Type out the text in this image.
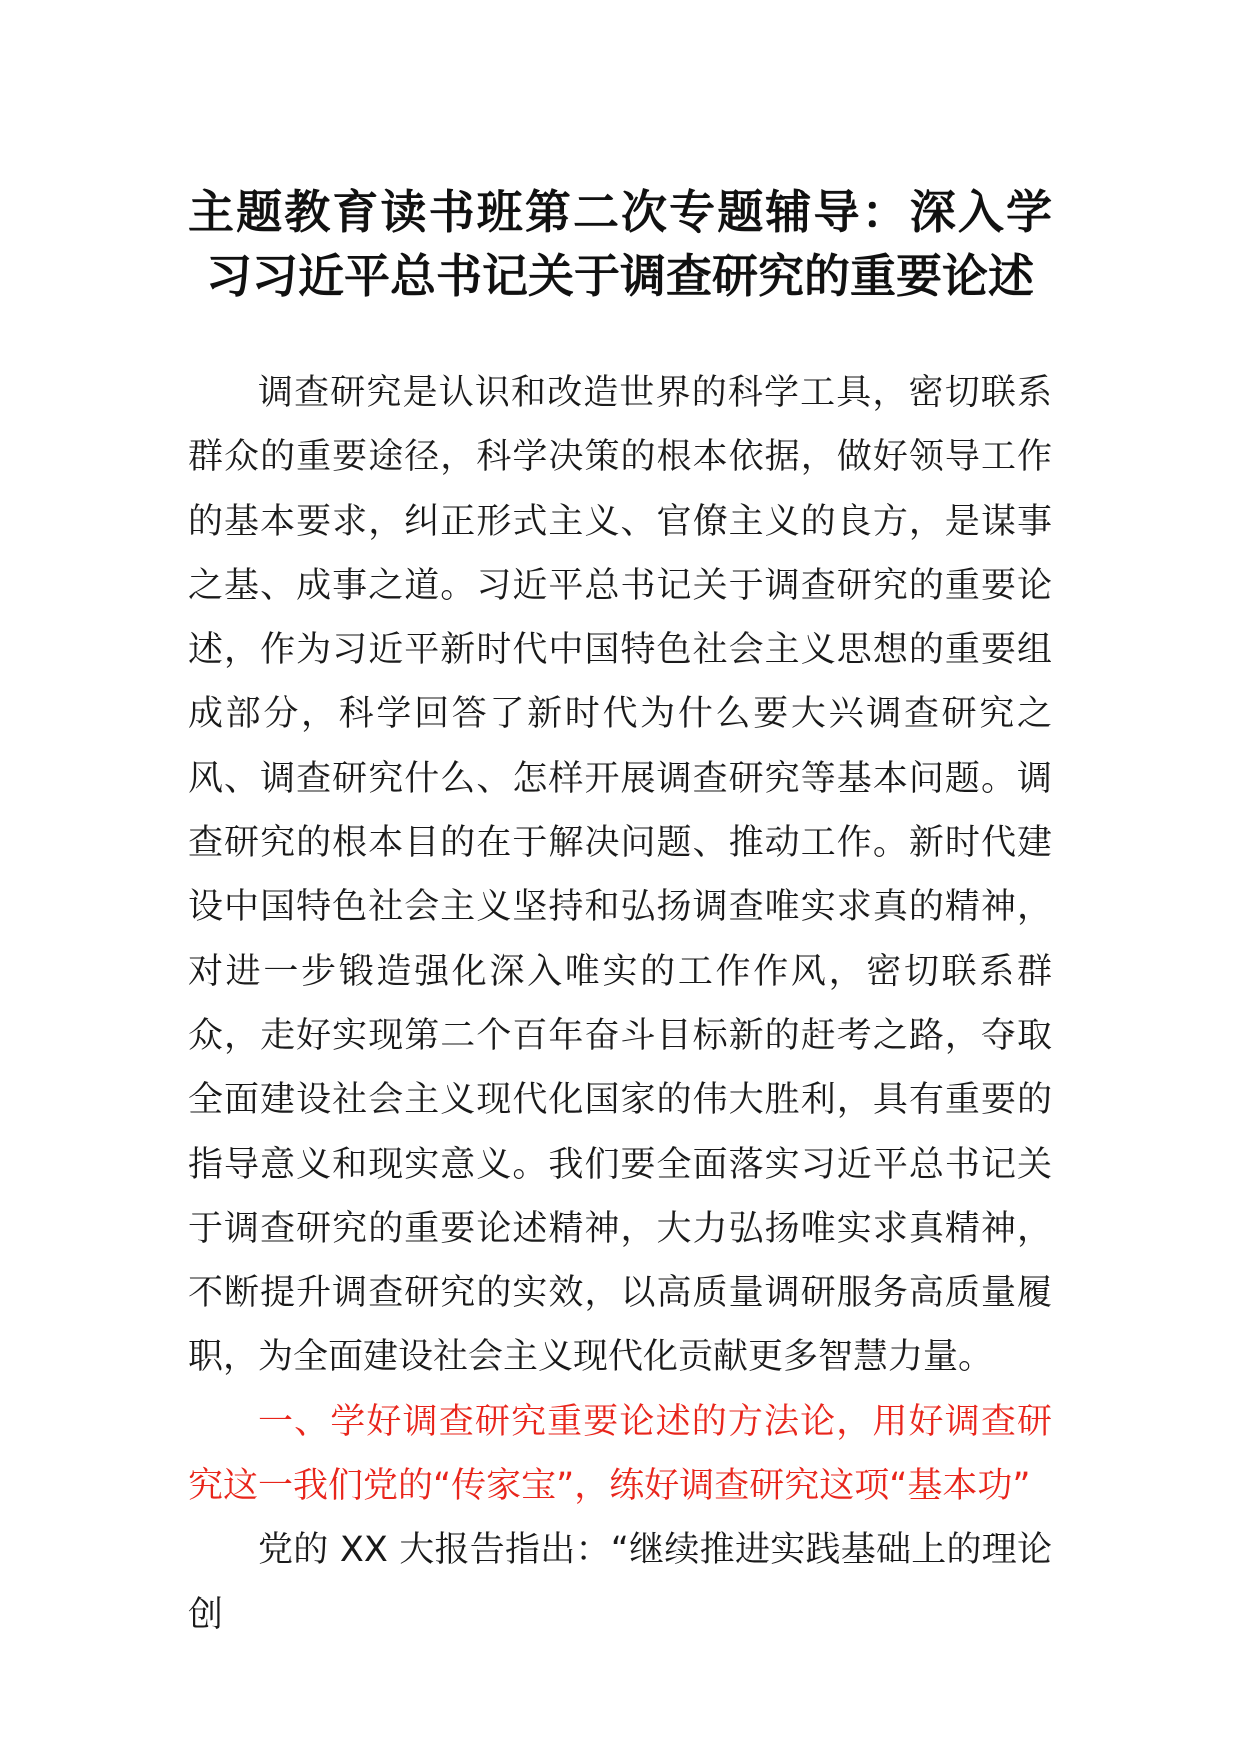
主题教育读书班第二次专题辅导：深入学习习近平总书记关于调查研究的重要论述

调查研究是认识和改造世界的科学工具，密切联系群众的重要途径，科学决策的根本依据，做好领导工作的基本要求，纠正形式主义、官僚主义的良方，是谋事之基、成事之道。习近平总书记关于调查研究的重要论述，作为习近平新时代中国特色社会主义思想的重要组成部分，科学回答了新时代为什么要大兴调查研究之风、调查研究什么、怎样开展调查研究等基本问题。调查研究的根本目的在于解决问题、推动工作。新时代建设中国特色社会主义坚持和弘扬调查唯实求真的精神，对进一步锻造强化深入唯实的工作作风，密切联系群众，走好实现第二个百年奋斗目标新的赶考之路，夺取全面建设社会主义现代化国家的伟大胜利，具有重要的指导意义和现实意义。我们要全面落实习近平总书记关于调查研究的重要论述精神，大力弘扬唯实求真精神，不断提升调查研究的实效，以高质量调研服务高质量履职，为全面建设社会主义现代化贡献更多智慧力量。

一、学好调查研究重要论述的方法论，用好调查研究这一我们党的“传家宝”，练好调查研究这项“基本功”

党的 XX 大报告指出：“继续推进实践基础上的理论创
